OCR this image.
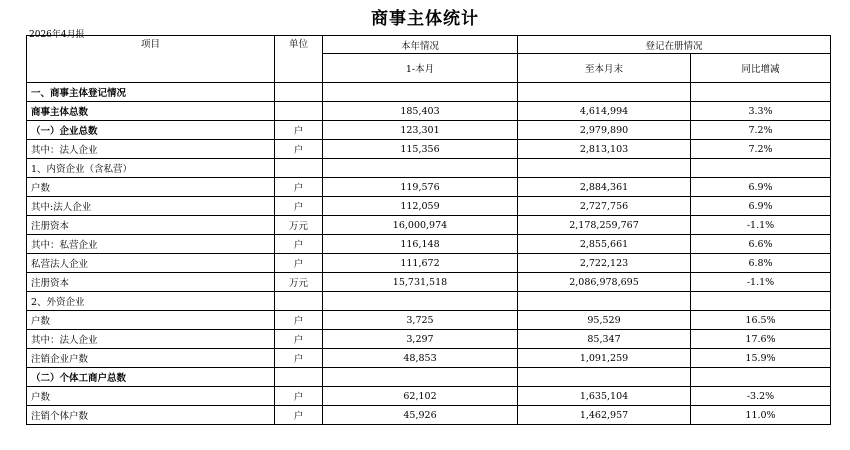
商事主体统计
2026年4月报
项目	单位	本年情况	登记在册情况	
		1-本月	至本月末	同比增减
一、商事主体登记情况				
商事主体总数		185,403	4,614,994	3.3%
（一）企业总数	户	123,301	2,979,890	7.2%
其中：法人企业	户	115,356	2,813,103	7.2%
1、内资企业（含私营）				
户数	户	119,576	2,884,361	6.9%
其中:法人企业	户	112,059	2,727,756	6.9%
注册资本	万元	16,000,974	2,178,259,767	-1.1%
其中：私营企业	户	116,148	2,855,661	6.6%
私营法人企业	户	111,672	2,722,123	6.8%
注册资本	万元	15,731,518	2,086,978,695	-1.1%
2、外资企业				
户数	户	3,725	95,529	16.5%
其中：法人企业	户	3,297	85,347	17.6%
注销企业户数	户	48,853	1,091,259	15.9%
（二）个体工商户总数				
户数	户	62,102	1,635,104	-3.2%
注销个体户数	户	45,926	1,462,957	11.0%
